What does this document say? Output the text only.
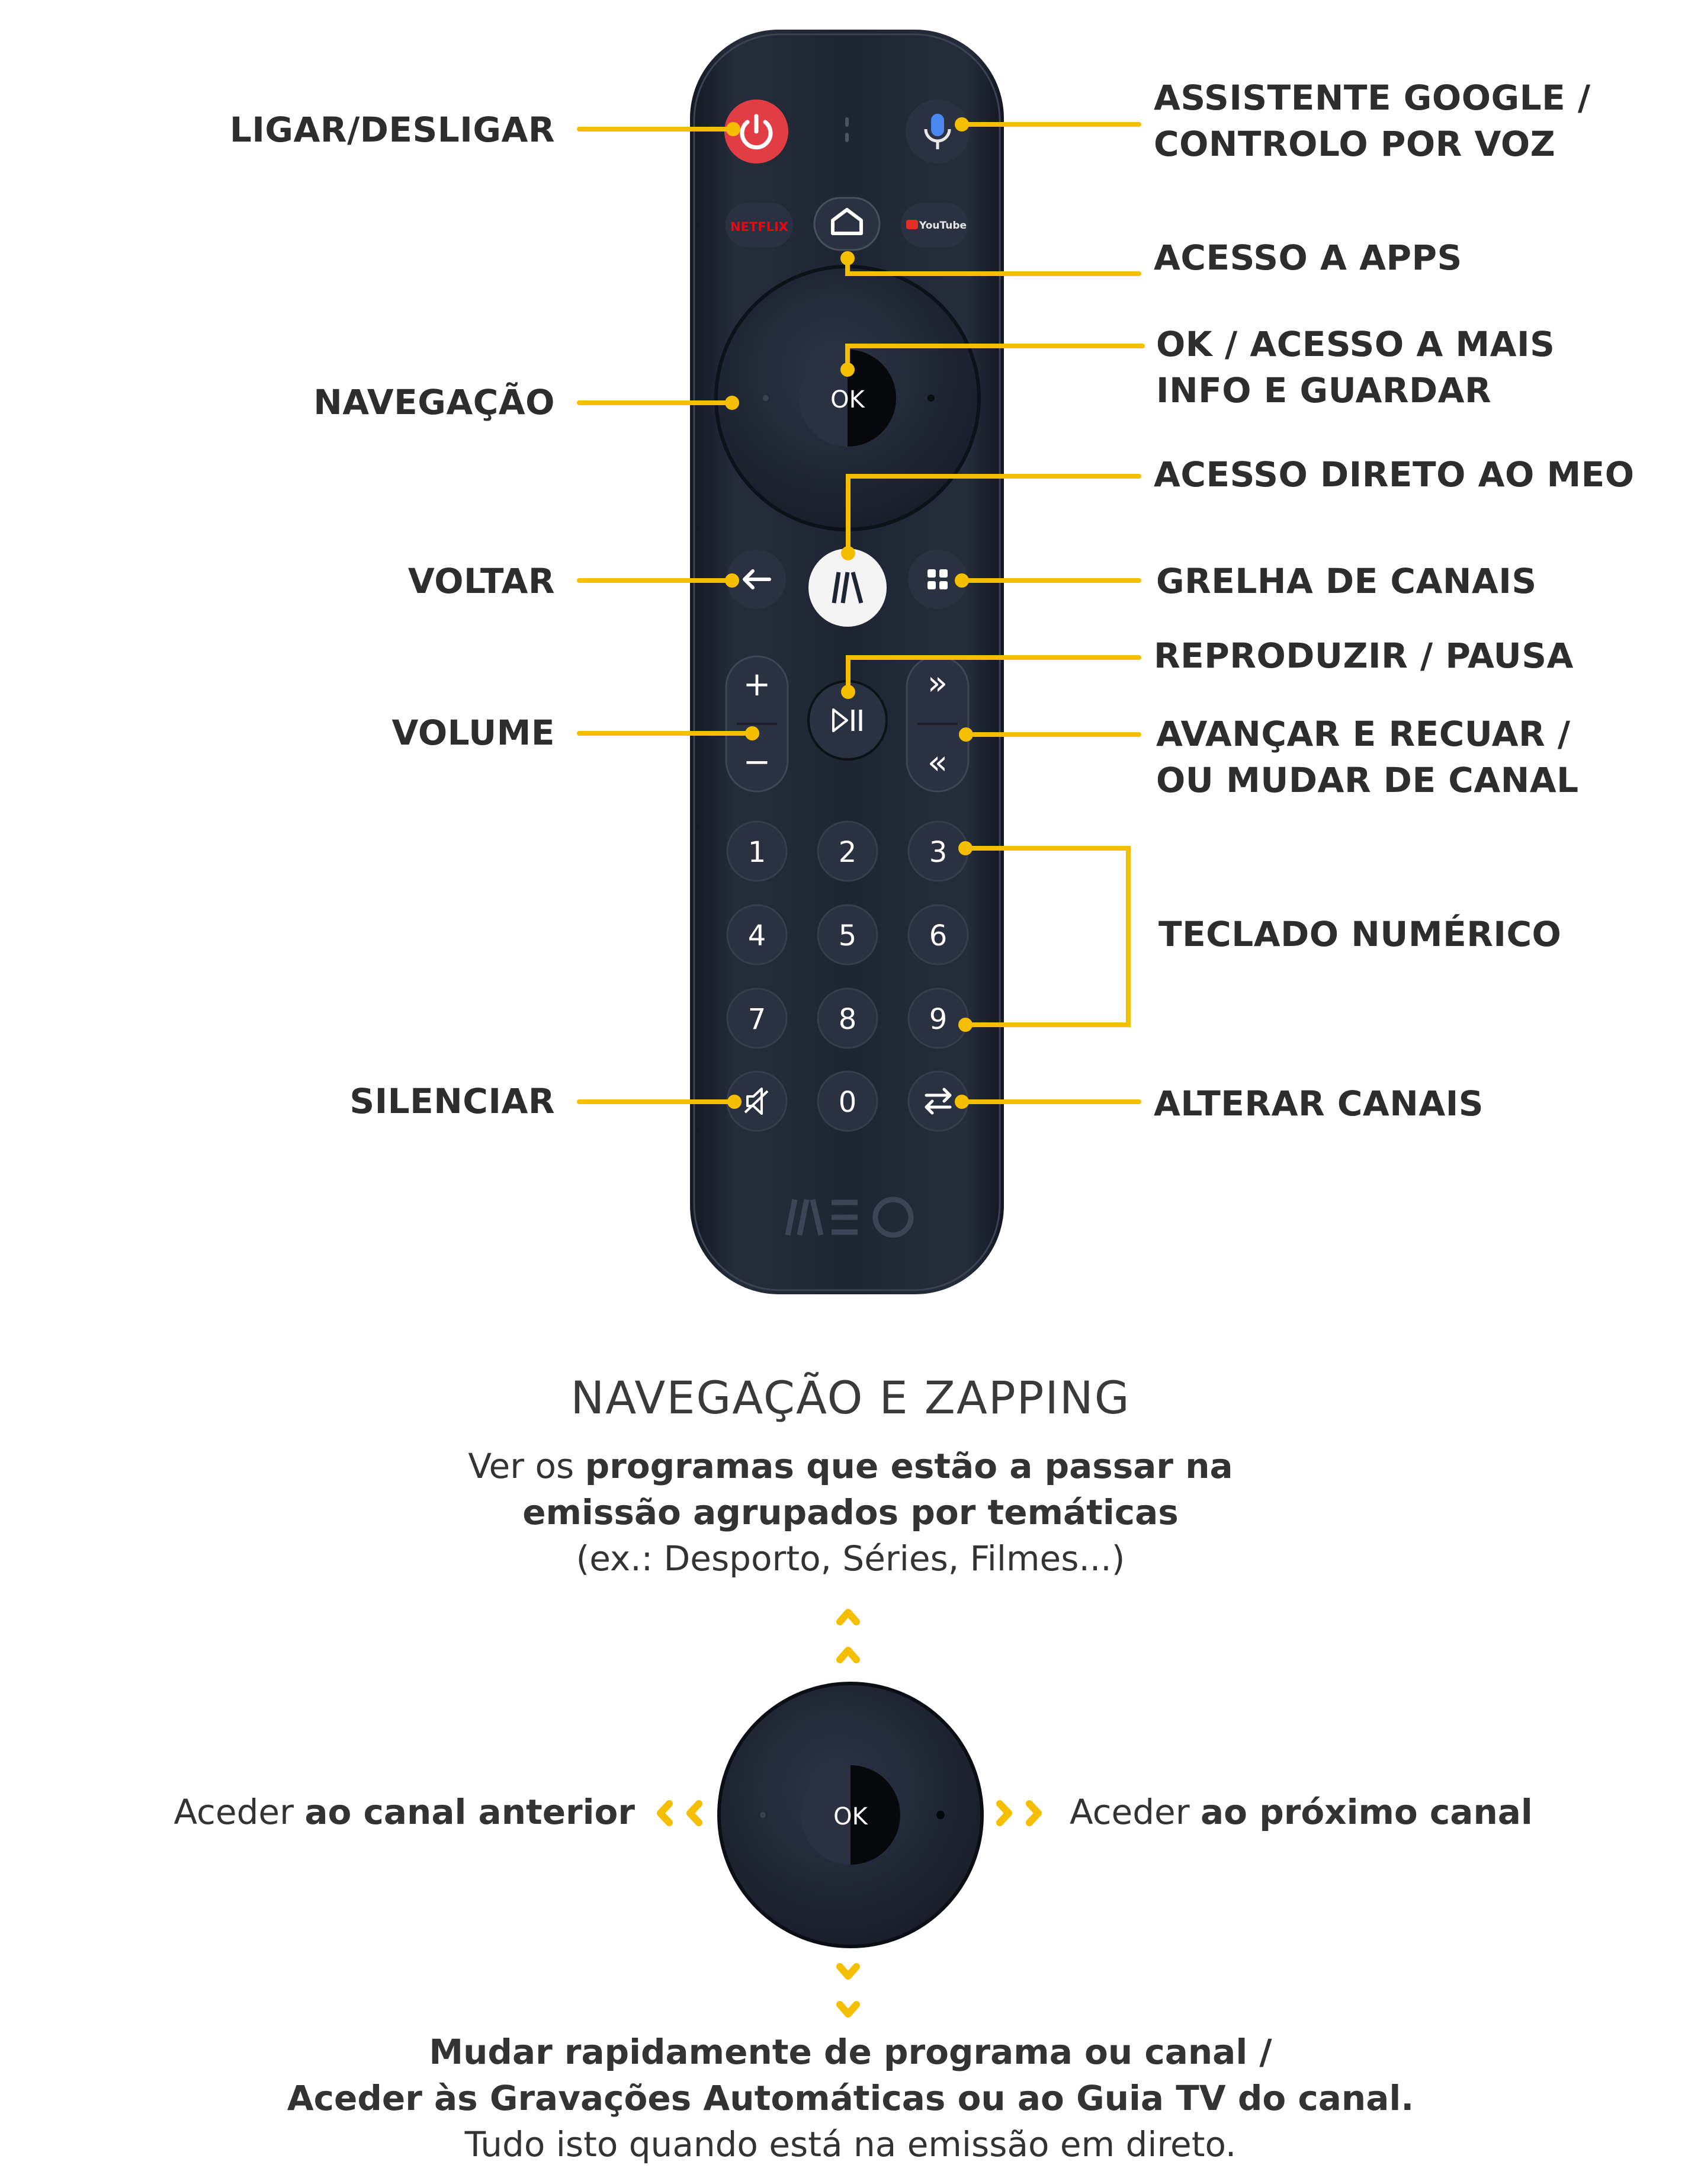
NETFLIX	YouTube
OK
+
−
»
«
1	2	3
4	5	6
7	8	9
0
OK
LIGAR/DESLIGAR
NAVEGAÇÃO
VOLTAR
VOLUME
SILENCIAR
ASSISTENTE GOOGLE /
CONTROLO POR VOZ
ACESSO A APPS
OK / ACESSO A MAIS
INFO E GUARDAR
ACESSO DIRETO AO MEO
GRELHA DE CANAIS
REPRODUZIR / PAUSA
AVANÇAR E RECUAR /
OU MUDAR DE CANAL
TECLADO NUMÉRICO
ALTERAR CANAIS
NAVEGAÇÃO E ZAPPING
Ver os programas que estão a passar na
emissão agrupados por temáticas
(ex.: Desporto, Séries, Filmes...)
Aceder ao canal anterior	Aceder ao próximo canal
Mudar rapidamente de programa ou canal /
Aceder às Gravações Automáticas ou ao Guia TV do canal.
Tudo isto quando está na emissão em direto.
